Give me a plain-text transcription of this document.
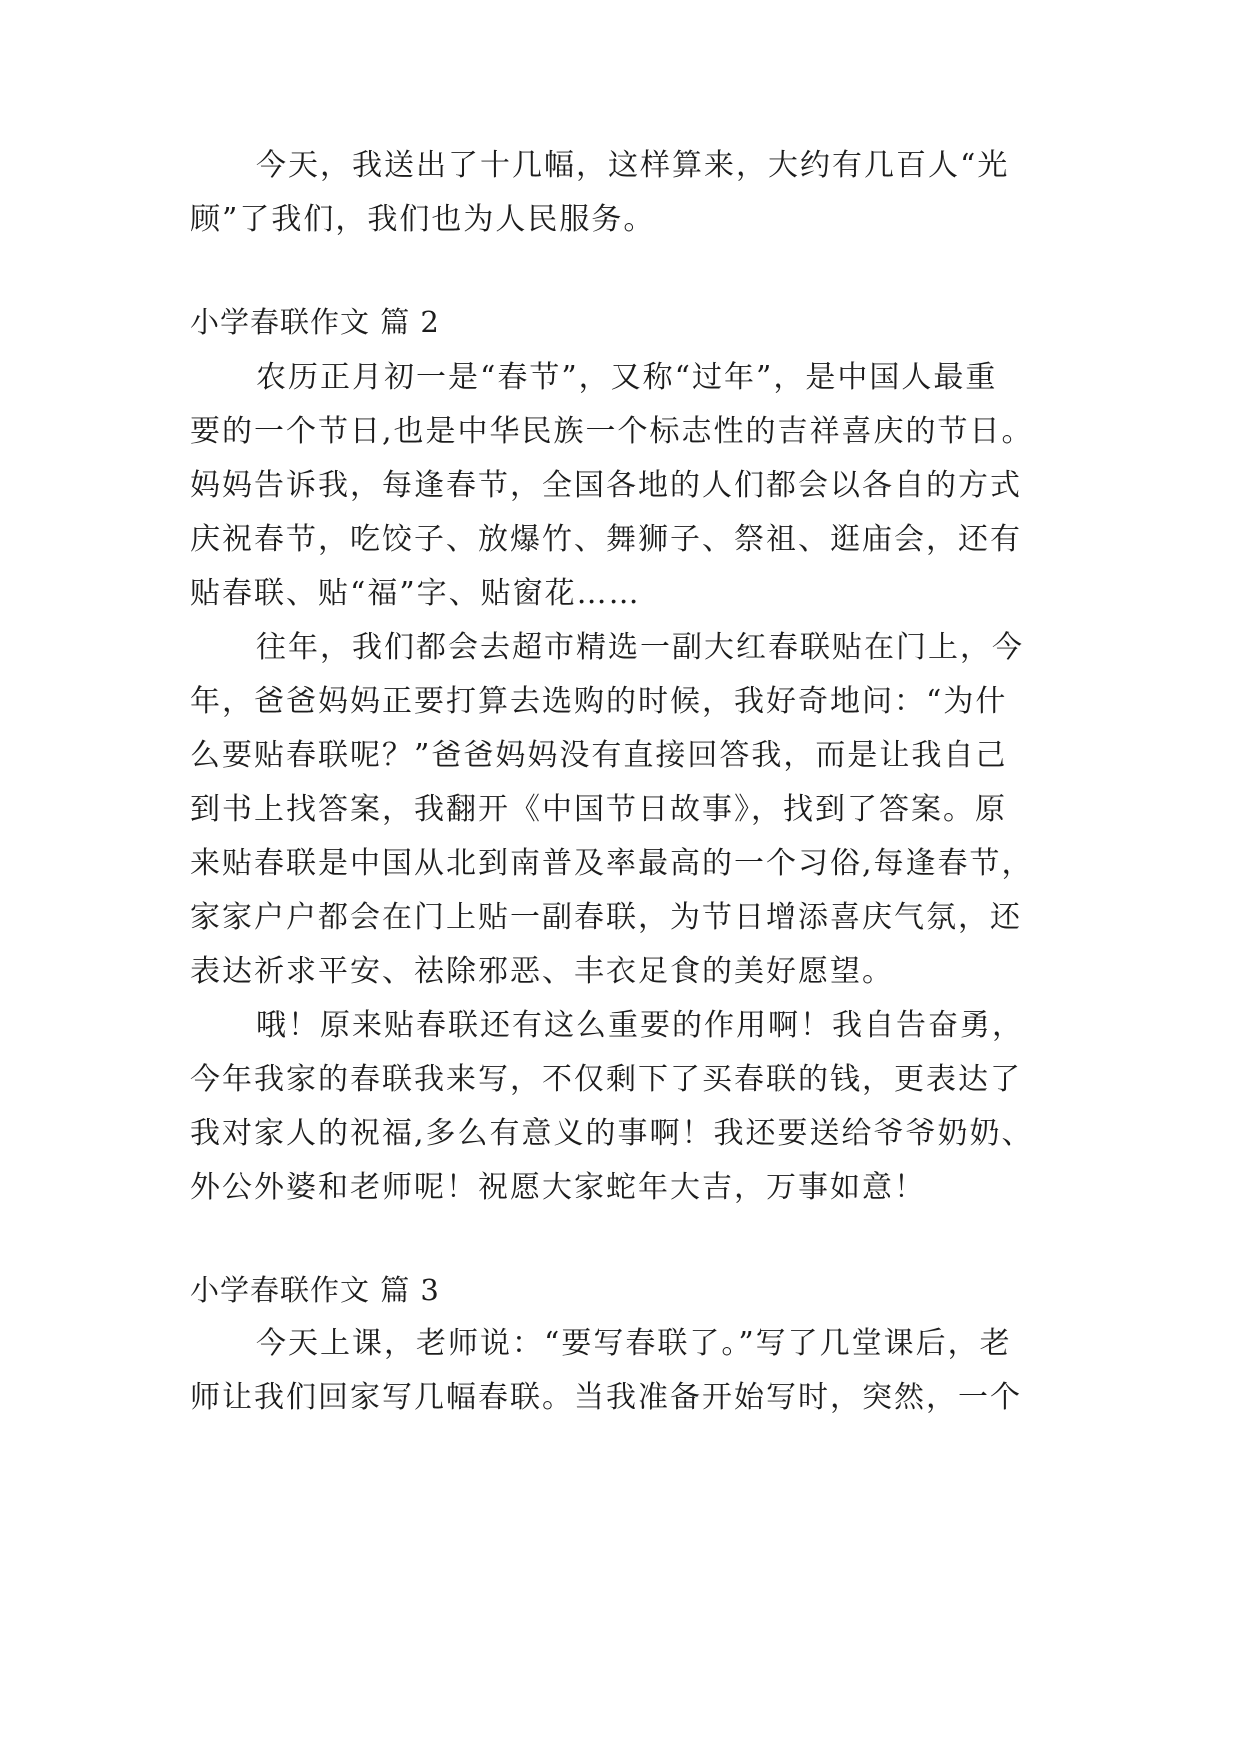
今天，我送出了十几幅，这样算来，大约有几百人“光
顾”了我们，我们也为人民服务。
小学春联作文 篇 2
农历正月初一是“春节”，又称“过年”，是中国人最重
要的一个节日,也是中华民族一个标志性的吉祥喜庆的节日。
妈妈告诉我，每逢春节，全国各地的人们都会以各自的方式
庆祝春节，吃饺子、放爆竹、舞狮子、祭祖、逛庙会，还有
贴春联、贴“福”字、贴窗花……
往年，我们都会去超市精选一副大红春联贴在门上，今
年，爸爸妈妈正要打算去选购的时候，我好奇地问：“为什
么要贴春联呢？”爸爸妈妈没有直接回答我，而是让我自己
到书上找答案，我翻开《中国节日故事》，找到了答案。原
来贴春联是中国从北到南普及率最高的一个习俗,每逢春节，
家家户户都会在门上贴一副春联，为节日增添喜庆气氛，还
表达祈求平安、祛除邪恶、丰衣足食的美好愿望。
哦！原来贴春联还有这么重要的作用啊！我自告奋勇，
今年我家的春联我来写，不仅剩下了买春联的钱，更表达了
我对家人的祝福,多么有意义的事啊！我还要送给爷爷奶奶、
外公外婆和老师呢！祝愿大家蛇年大吉，万事如意！
小学春联作文 篇 3
今天上课，老师说：“要写春联了。”写了几堂课后，老
师让我们回家写几幅春联。当我准备开始写时，突然，一个
